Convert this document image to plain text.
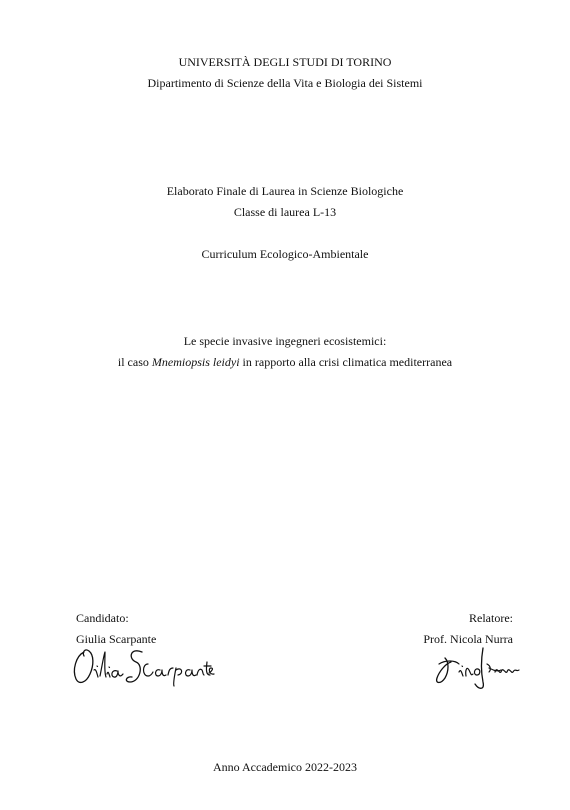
UNIVERSITÀ DEGLI STUDI DI TORINO
Dipartimento di Scienze della Vita e Biologia dei Sistemi
Elaborato Finale di Laurea in Scienze Biologiche
Classe di laurea L-13
Curriculum Ecologico-Ambientale
Le specie invasive ingegneri ecosistemici:
il caso Mnemiopsis leidyi in rapporto alla crisi climatica mediterranea
Candidato:
Giulia Scarpante
Relatore:
Prof. Nicola Nurra
Anno Accademico 2022-2023
